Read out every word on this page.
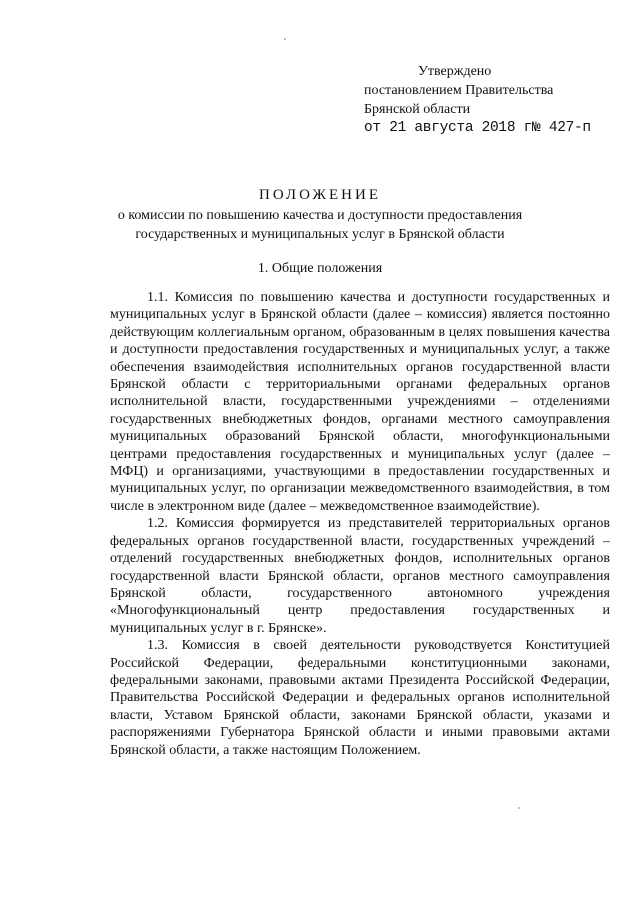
Утверждено
постановлением Правительства
Брянской области
от 21 августа 2018 г№ 427-п
ПОЛОЖЕНИЕ
о комиссии по повышению качества и доступности предоставления
государственных и муниципальных услуг в Брянской области
1. Общие положения

1.1. Комиссия по повышению качества и доступности государственных и муниципальных услуг в Брянской области (далее – комиссия) является постоянно действующим коллегиальным органом, образованным в целях повышения качества и доступности предоставления государственных и муниципальных услуг, а также обеспечения взаимодействия исполнительных органов государственной власти Брянской области с территориальными органами федеральных органов исполнительной власти, государственными учреждениями – отделениями государственных внебюджетных фондов, органами местного самоуправления муниципальных образований Брянской области, многофункциональными центрами предоставления государственных и муниципальных услуг (далее – МФЦ) и организациями, участвующими в предоставлении государственных и муниципальных услуг, по организации межведомственного взаимодействия, в том числе в электронном виде (далее – межведомственное взаимодействие).

1.2. Комиссия формируется из представителей территориальных органов федеральных органов государственной власти, государственных учреждений – отделений государственных внебюджетных фондов, исполнительных органов государственной власти Брянской области, органов местного самоуправления Брянской области, государственного автономного учреждения «Многофункциональный центр предоставления государственных и муниципальных услуг в г. Брянске».

1.3. Комиссия в своей деятельности руководствуется Конституцией Российской Федерации, федеральными конституционными законами, федеральными законами, правовыми актами Президента Российской Федерации, Правительства Российской Федерации и федеральных органов исполнительной власти, Уставом Брянской области, законами Брянской области, указами и распоряжениями Губернатора Брянской области и иными правовыми актами Брянской области, а также настоящим Положением.
